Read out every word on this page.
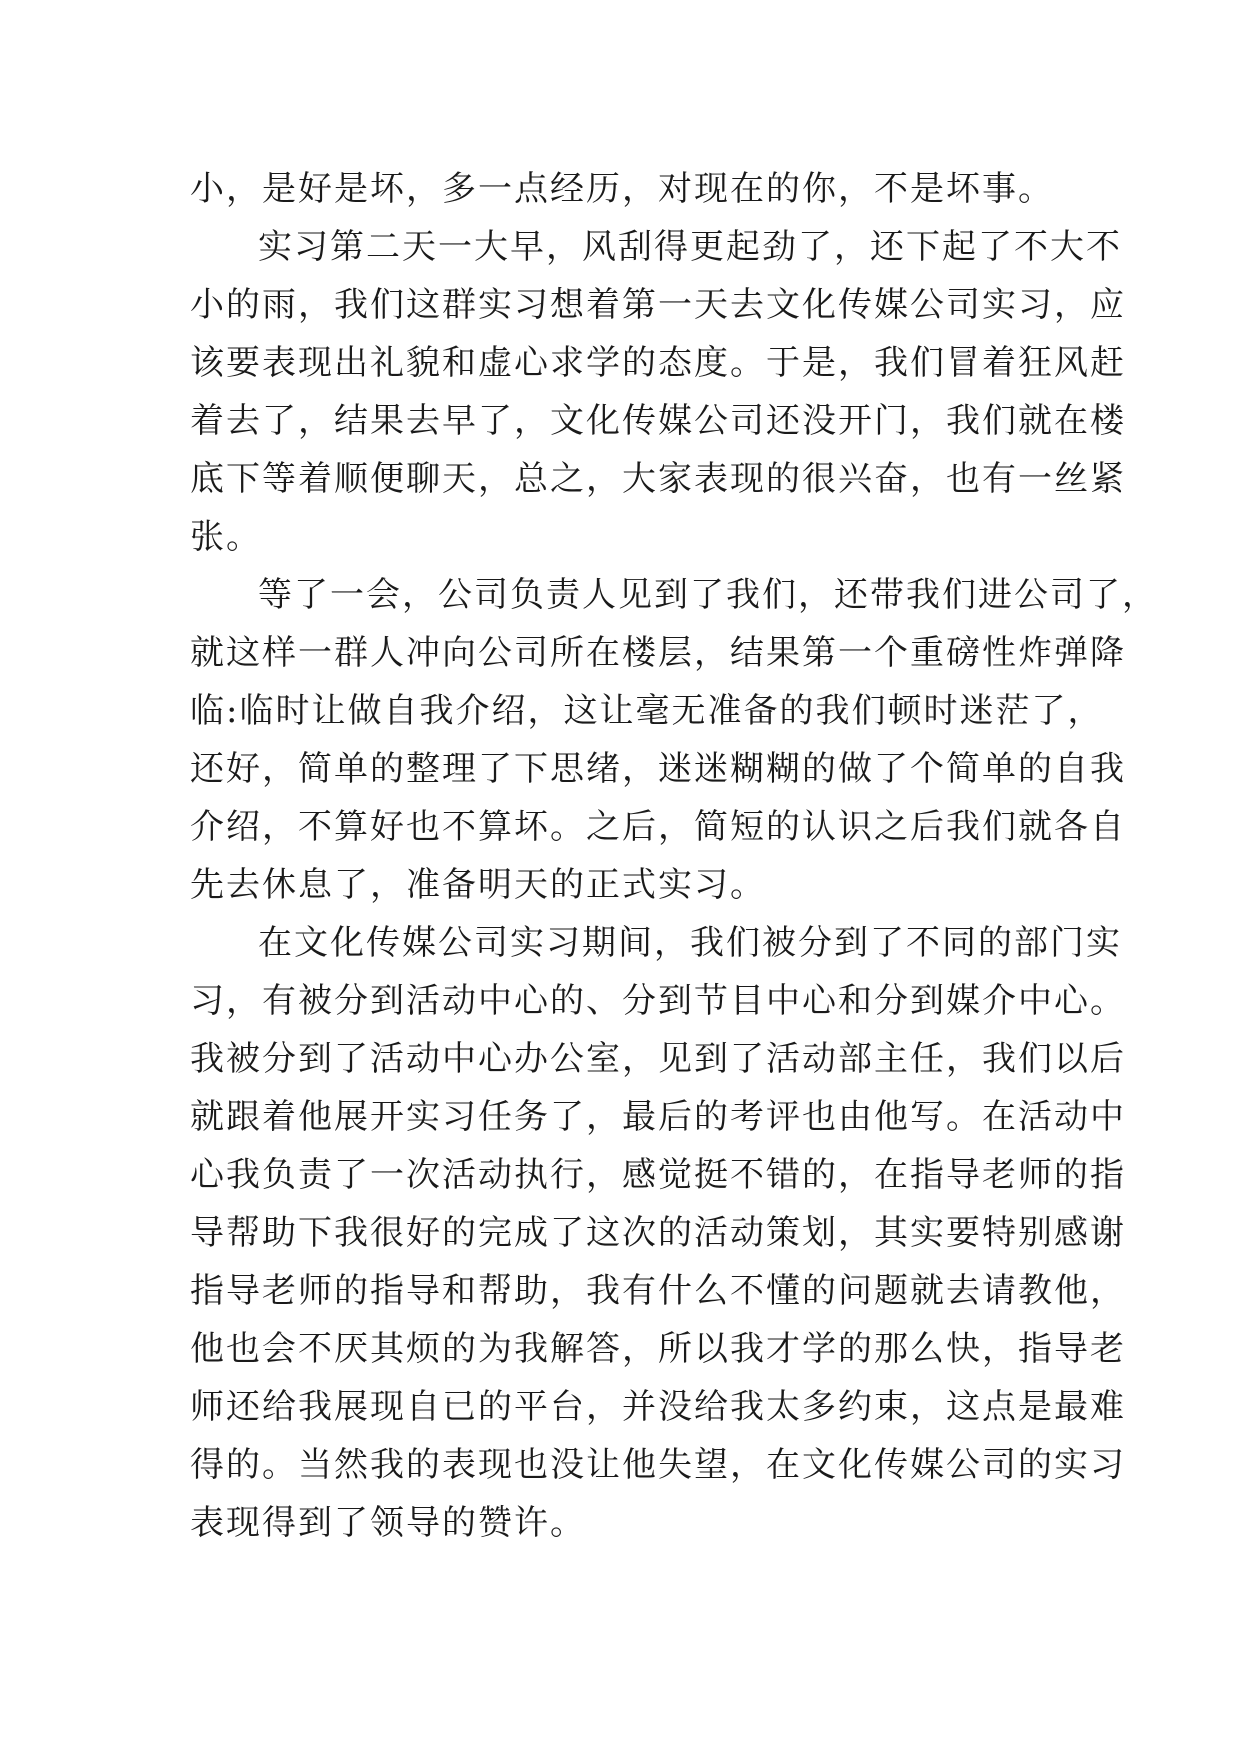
小，是好是坏，多一点经历，对现在的你，不是坏事。
实习第二天一大早，风刮得更起劲了，还下起了不大不
小的雨，我们这群实习想着第一天去文化传媒公司实习，应
该要表现出礼貌和虚心求学的态度。于是，我们冒着狂风赶
着去了，结果去早了，文化传媒公司还没开门，我们就在楼
底下等着顺便聊天，总之，大家表现的很兴奋，也有一丝紧
张。
等了一会，公司负责人见到了我们，还带我们进公司了，
就这样一群人冲向公司所在楼层，结果第一个重磅性炸弹降
临:临时让做自我介绍，这让毫无准备的我们顿时迷茫了，
还好，简单的整理了下思绪，迷迷糊糊的做了个简单的自我
介绍，不算好也不算坏。之后，简短的认识之后我们就各自
先去休息了，准备明天的正式实习。
在文化传媒公司实习期间，我们被分到了不同的部门实
习，有被分到活动中心的、分到节目中心和分到媒介中心。
我被分到了活动中心办公室，见到了活动部主任，我们以后
就跟着他展开实习任务了，最后的考评也由他写。在活动中
心我负责了一次活动执行，感觉挺不错的，在指导老师的指
导帮助下我很好的完成了这次的活动策划，其实要特别感谢
指导老师的指导和帮助，我有什么不懂的问题就去请教他，
他也会不厌其烦的为我解答，所以我才学的那么快，指导老
师还给我展现自已的平台，并没给我太多约束，这点是最难
得的。当然我的表现也没让他失望，在文化传媒公司的实习
表现得到了领导的赞许。
